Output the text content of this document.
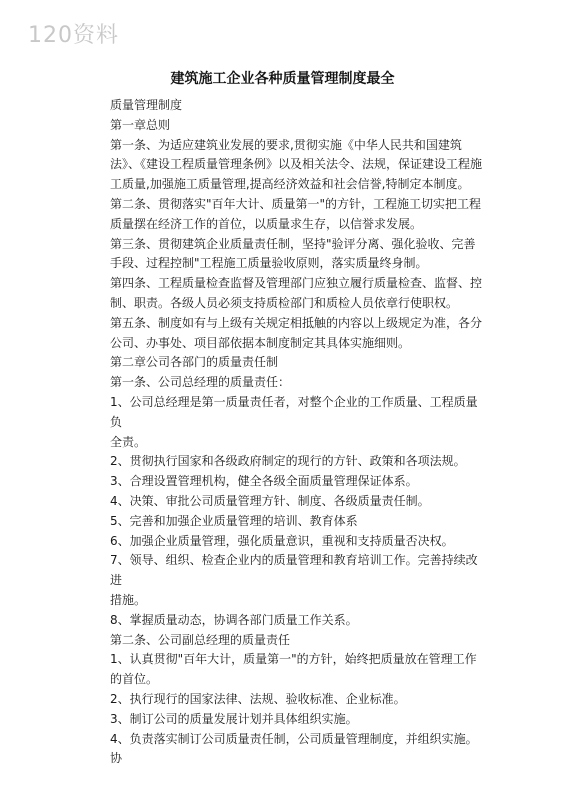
120资料
建筑施工企业各种质量管理制度最全

质量管理制度

第一章总则

第一条、为适应建筑业发展的要求,贯彻实施《中华人民共和国建筑法》、《建设工程质量管理条例》以及相关法令、法规，保证建设工程施工质量,加强施工质量管理,提高经济效益和社会信誉,特制定本制度。

第二条、贯彻落实"百年大计、质量第一"的方针，工程施工切实把工程质量摆在经济工作的首位，以质量求生存，以信誉求发展。

第三条、贯彻建筑企业质量责任制，坚持"验评分离、强化验收、完善手段、过程控制"工程施工质量验收原则，落实质量终身制。

第四条、工程质量检查监督及管理部门应独立履行质量检查、监督、控制、职责。各级人员必须支持质检部门和质检人员依章行使职权。

第五条、制度如有与上级有关规定相抵触的内容以上级规定为准，各分公司、办事处、项目部依据本制度制定其具体实施细则。

第二章公司各部门的质量责任制

第一条、公司总经理的质量责任：

1、公司总经理是第一质量责任者，对整个企业的工作质量、工程质量负

全责。

2、贯彻执行国家和各级政府制定的现行的方针、政策和各项法规。

3、合理设置管理机构，健全各级全面质量管理保证体系。

4、决策、审批公司质量管理方针、制度、各级质量责任制。

5、完善和加强企业质量管理的培训、教育体系

6、加强企业质量管理，强化质量意识，重视和支持质量否决权。

7、领导、组织、检查企业内的质量管理和教育培训工作。完善持续改进

措施。

8、掌握质量动态，协调各部门质量工作关系。

第二条、公司副总经理的质量责任

1、认真贯彻"百年大计，质量第一"的方针，始终把质量放在管理工作

的首位。

2、执行现行的国家法律、法规、验收标准、企业标准。

3、制订公司的质量发展计划并具体组织实施。

4、负责落实制订公司质量责任制，公司质量管理制度，并组织实施。协
